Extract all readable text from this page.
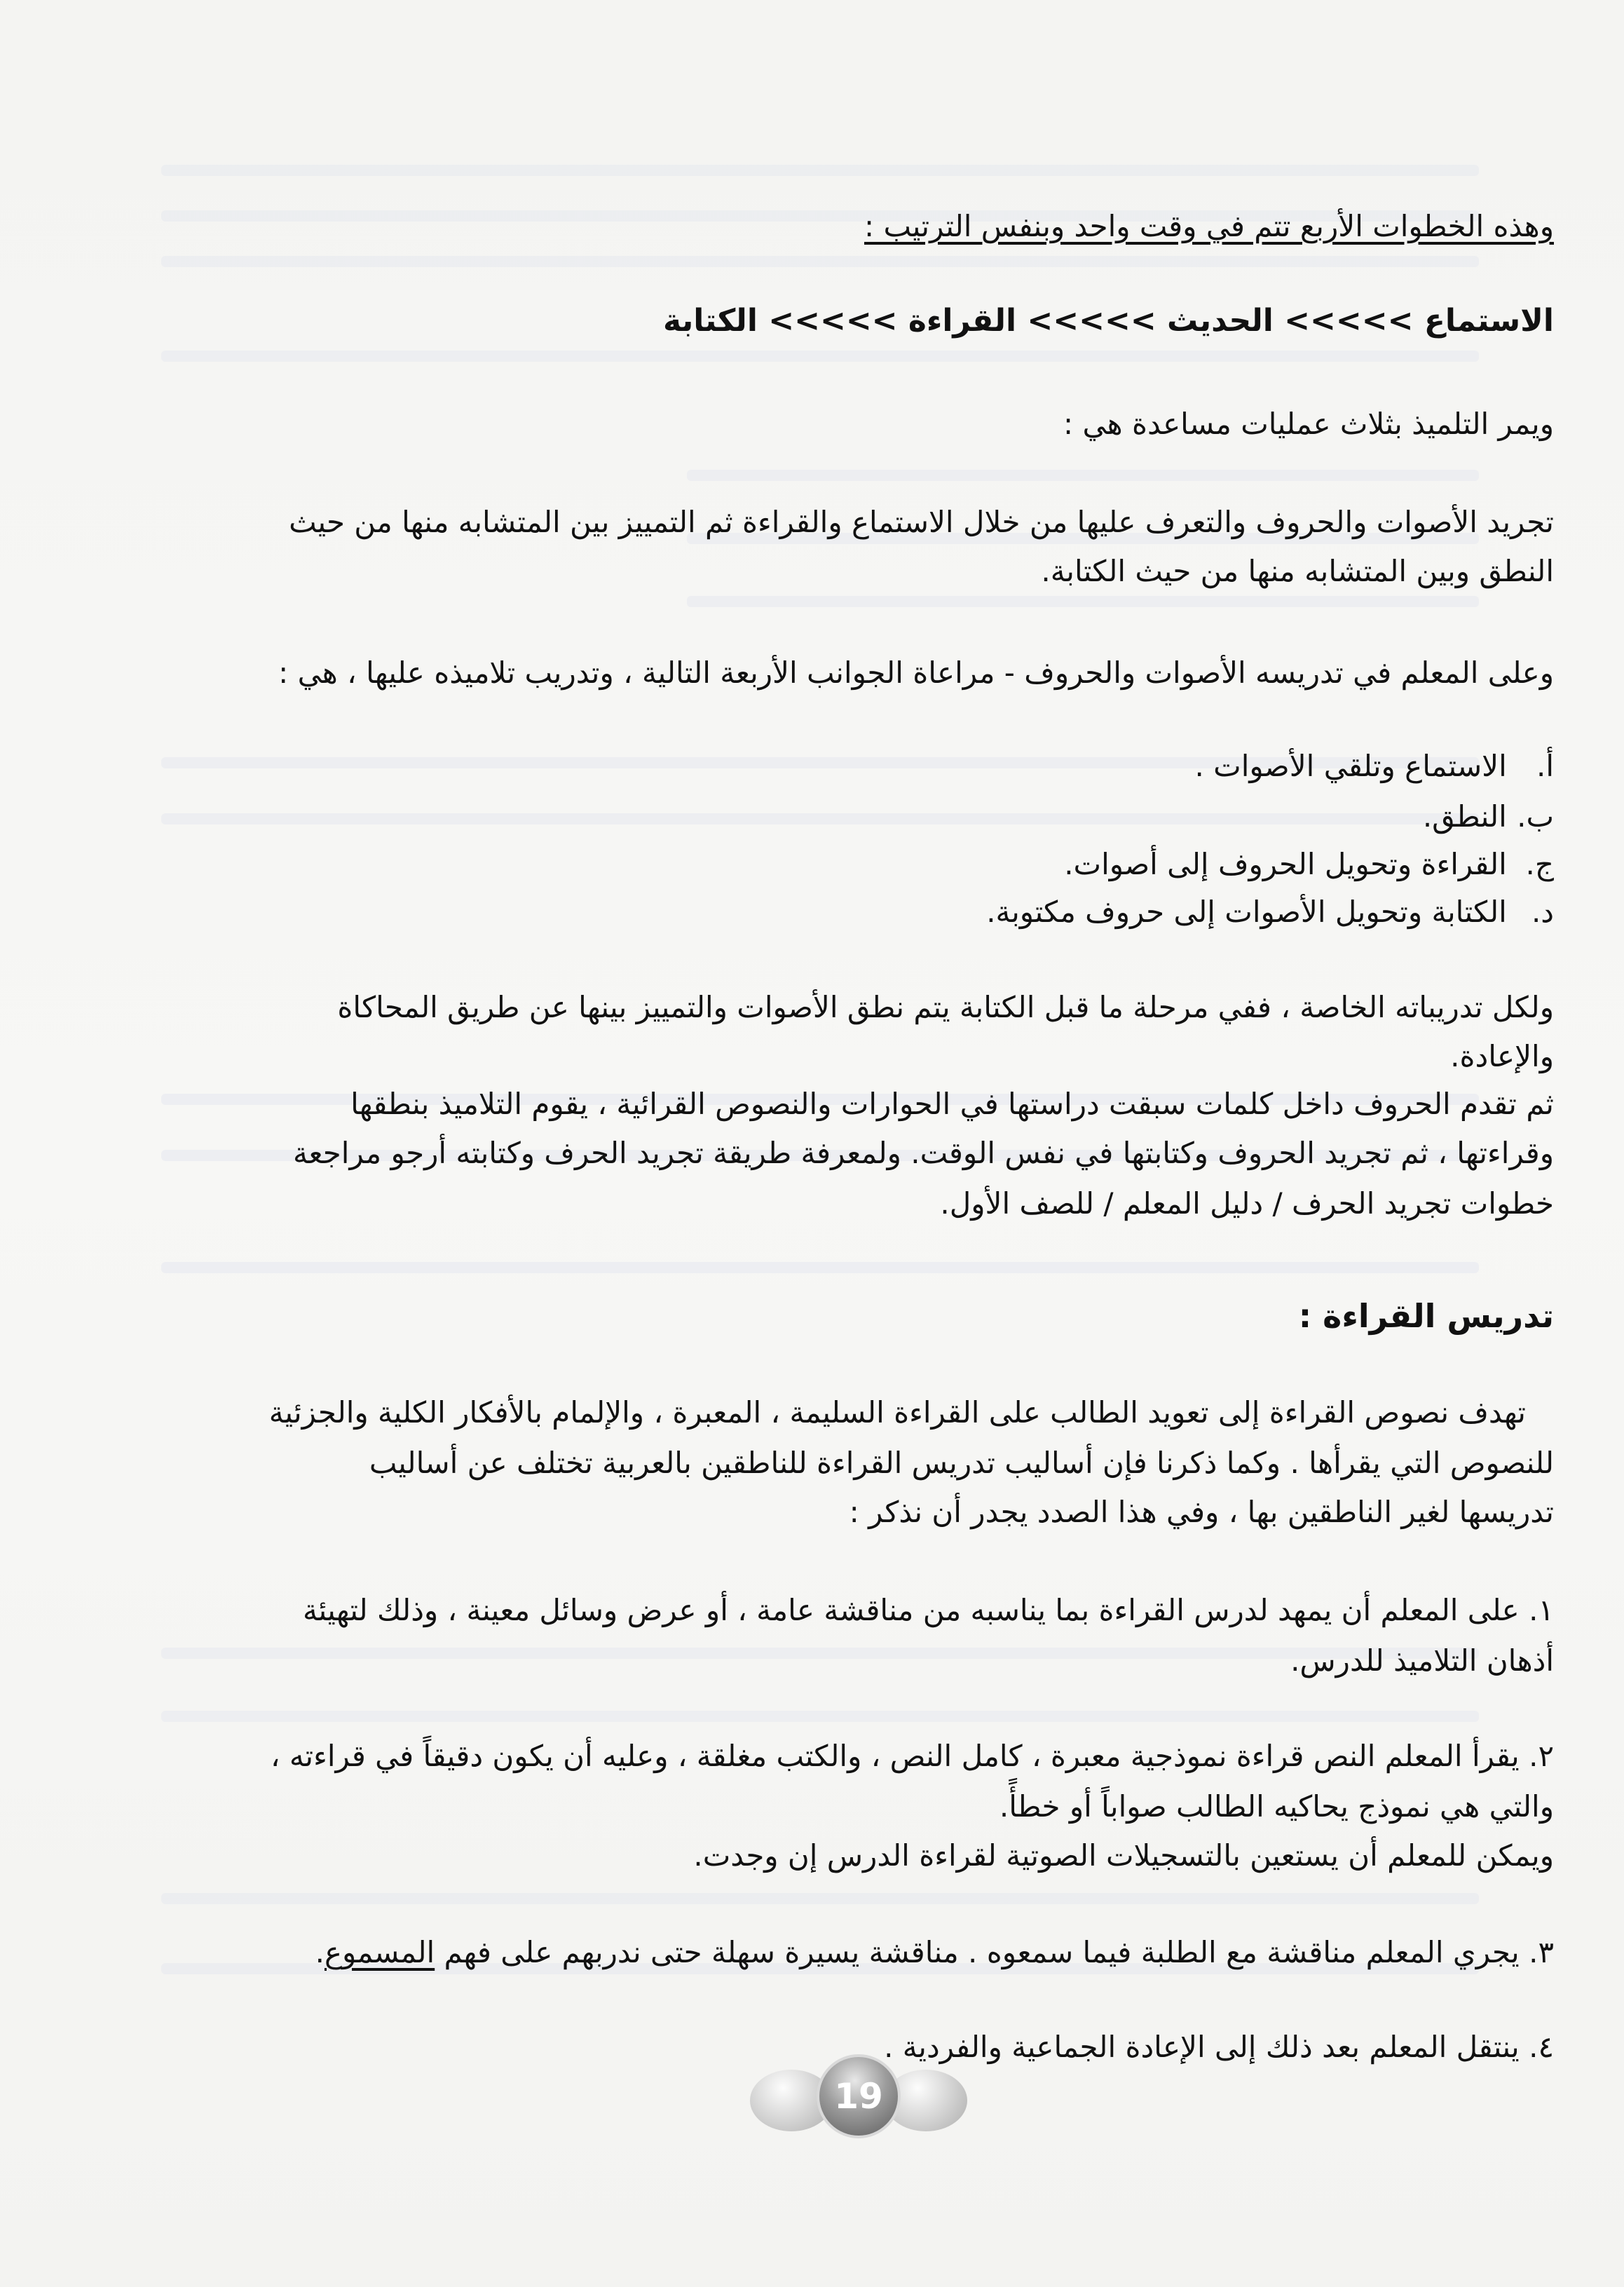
وهذه الخطوات الأربع تتم في وقت واحد وبنفس الترتيب :
الاستماع >>>>> الحديث >>>>> القراءة >>>>> الكتابة
ويمر التلميذ بثلاث عمليات مساعدة هي :
تجريد الأصوات والحروف والتعرف عليها من خلال الاستماع والقراءة ثم التمييز بين المتشابه منها من حيث
النطق وبين المتشابه منها من حيث الكتابة.
وعلى المعلم في تدريسه الأصوات والحروف - مراعاة الجوانب الأربعة التالية ، وتدريب تلاميذه عليها ، هي :
أ.الاستماع وتلقي الأصوات .
ب.النطق.
ج.القراءة وتحويل الحروف إلى أصوات.
د.الكتابة وتحويل الأصوات إلى حروف مكتوبة.
ولكل تدريباته الخاصة ، ففي مرحلة ما قبل الكتابة يتم نطق الأصوات والتمييز بينها عن طريق المحاكاة
والإعادة.
ثم تقدم الحروف داخل كلمات سبقت دراستها في الحوارات والنصوص القرائية ، يقوم التلاميذ بنطقها
وقراءتها ، ثم تجريد الحروف وكتابتها في نفس الوقت. ولمعرفة طريقة تجريد الحرف وكتابته أرجو مراجعة
خطوات تجريد الحرف / دليل المعلم / للصف الأول.
تدريس القراءة :
تهدف نصوص القراءة إلى تعويد الطالب على القراءة السليمة ، المعبرة ، والإلمام بالأفكار الكلية والجزئية
للنصوص التي يقرأها . وكما ذكرنا فإن أساليب تدريس القراءة للناطقين بالعربية تختلف عن أساليب
تدريسها لغير الناطقين بها ، وفي هذا الصدد يجدر أن نذكر :
١. على المعلم أن يمهد لدرس القراءة بما يناسبه من مناقشة عامة ، أو عرض وسائل معينة ، وذلك لتهيئة
أذهان التلاميذ للدرس.
٢. يقرأ المعلم النص قراءة نموذجية معبرة ، كامل النص ، والكتب مغلقة ، وعليه أن يكون دقيقاً في قراءته ،
والتي هي نموذج يحاكيه الطالب صواباً أو خطأً.
ويمكن للمعلم أن يستعين بالتسجيلات الصوتية لقراءة الدرس إن وجدت.
٣. يجري المعلم مناقشة مع الطلبة فيما سمعوه . مناقشة يسيرة سهلة حتى ندربهم على فهم المسموع.
٤. ينتقل المعلم بعد ذلك إلى الإعادة الجماعية والفردية .
19
